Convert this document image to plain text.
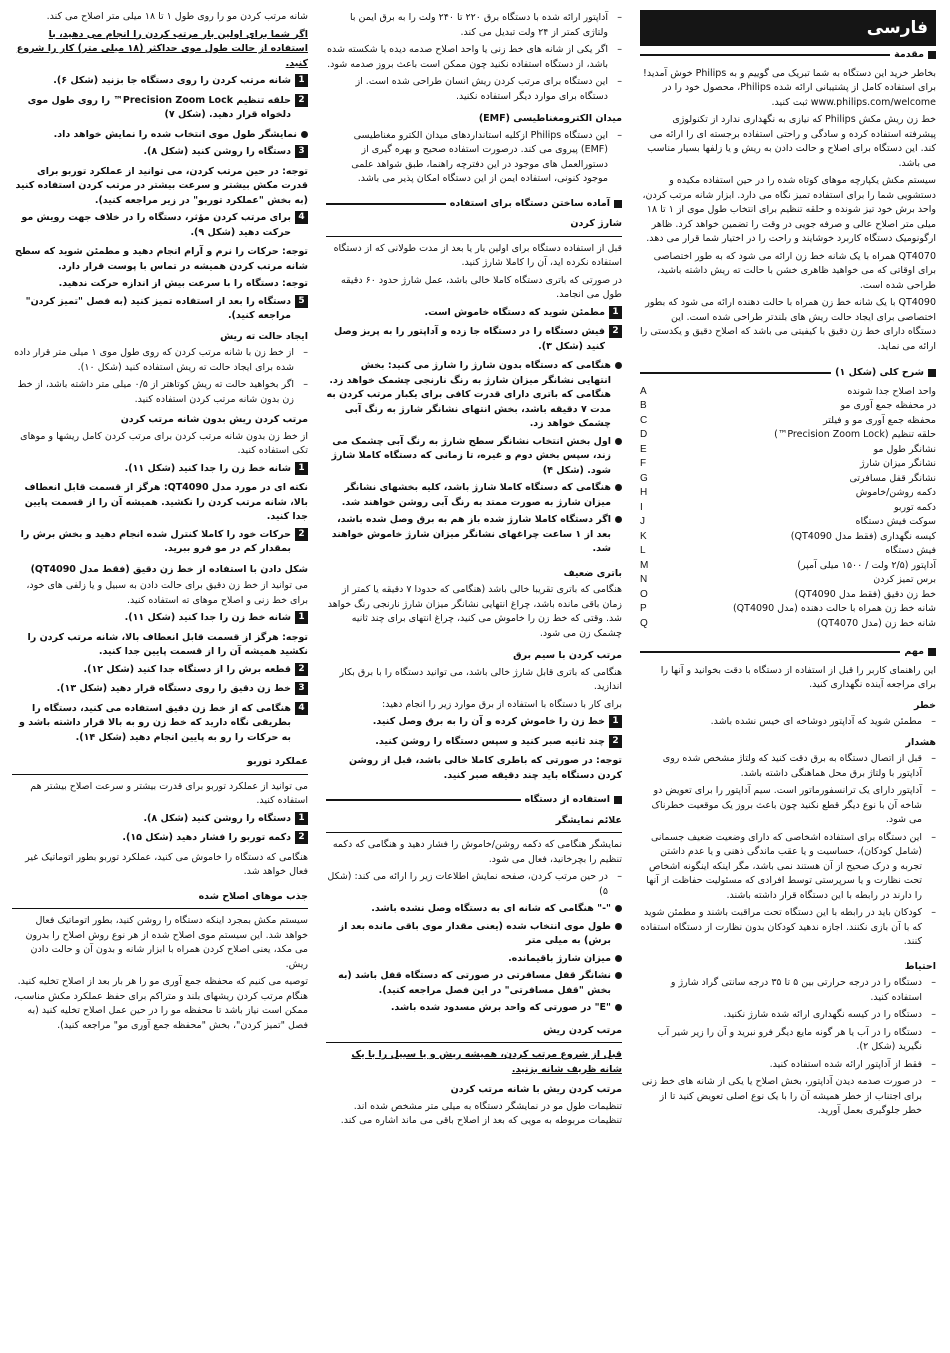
فارسی
مقدمة

بخاطر خرید این دستگاه به شما تبریک می گوییم و به Philips خوش آمدید! برای استفاده کامل از پشتیبانی ارائه شده Philips، محصول خود را در www.philips.com/welcome ثبت کنید.

خط زن ریش مکش Philips که نیازی به نگهداری ندارد از تکنولوژی پیشرفته استفاده کرده و سادگی و راحتی استفاده برجسته ای را ارائه می کند. این دستگاه برای اصلاح و حالت دادن به ریش و یا زلفها بسیار مناسب می باشد.

سیستم مکش یکپارچه موهای کوتاه شده را در حین استفاده مکیده و دستشویی شما را برای استفاده تمیز نگاه می دارد. ابزار شانه مرتب کردن، واحد برش خود تیز شونده و حلقه تنظیم برای انتخاب طول موی از ۱ تا ۱۸ میلی متر اصلاح عالی و صرفه جویی در وقت را تضمین خواهد کرد. ظاهر ارگونومیک دستگاه کاربرد خوشایند و راحت را در اختیار شما قرار می دهد.

QT4070 همراه با یک شانه خط زن ارائه می شود که به طور اختصاصی برای اوقاتی که می خواهید ظاهری خشن با حالت ته ریش داشته باشید، طراحی شده است.

QT4090 با یک شانه خط زن همراه با حالت دهنده ارائه می شود که بطور اختصاصی برای ایجاد حالت ریش های بلندتر طراحی شده است. این دستگاه دارای خط زن دقیق با کیفیتی می باشد که اصلاح دقیق و یکدستی را ارائه می نماید.

شرح کلی (شکل ۱)
واحد اصلاح جدا شونده
A
در محفظه جمع آوری مو
B
محفظه جمع آوری مو و فیلتر
C
حلقه تنظیم (Precision Zoom Lock™)
D
نشانگر طول مو
E
نشانگر میزان شارژ
F
نشانگر قفل مسافرتی
G
دکمه روشن/خاموش
H
دکمه توربو
I
سوکت فیش دستگاه
J
کیسه نگهداری (فقط مدل QT4090)
K
فیش دستگاه
L
آداپتور (۲/۵ ولت / ۱۵۰۰ میلی آمپر)
M
برس تمیز کردن
N
خط زن دقیق (فقط مدل QT4090)
O
شانه خط زن همراه با حالت دهنده (مدل QT4090)
P
شانه خط زن (مدل QT4070)
Q
مهم

این راهنمای کاربر را قبل از استفاده از دستگاه با دقت بخوانید و آنها را برای مراجعه آینده نگهداری کنید.

خطر
–
مطمئن شوید که آداپتور دوشاخه ای خیس نشده باشد.
هشدار
–
قبل از اتصال دستگاه به برق دقت کنید که ولتاژ مشخص شده روی آداپتور با ولتاژ برق محل هماهنگی داشته باشد.
–
آداپتور دارای یک ترانسفورماتور است. سیم آداپتور را برای تعویض دو شاخه آن با نوع دیگر قطع نکنید چون باعث بروز یک موقعیت خطرناک می شود.
–
این دستگاه برای استفاده اشخاصی که دارای وضعیت ضعیف جسمانی (شامل کودکان)، حساسیت و یا عقب ماندگی ذهنی و یا عدم داشتن تجربه و درک صحیح از آن هستند نمی باشد، مگر اینکه اینگونه اشخاص تحت نظارت و یا سرپرستی توسط افرادی که مسئولیت حفاظت از آنها را دارند در رابطه با این دستگاه قرار داشته باشند.
–
کودکان باید در رابطه با این دستگاه تحت مراقبت باشند و مطمئن شوید که با آن بازی نکنند. اجازه ندهید کودکان بدون نظارت از دستگاه استفاده کنند.
احتیاط
–
دستگاه را در درجه حرارتی بین ۵ تا ۳۵ درجه سانتی گراد شارژ و استفاده کنید.
–
دستگاه را در کیسه نگهداری ارائه شده شارژ نکنید.
–
دستگاه را در آب یا هر گونه مایع دیگر فرو نبرید و آن را زیر شیر آب نگیرید (شکل ۲).
–
فقط از آداپتور ارائه شده استفاده کنید.
–
در صورت صدمه دیدن آداپتور، بخش اصلاح یا یکی از شانه های خط زنی برای اجتناب از خطر همیشه آن را با یک نوع اصلی تعویض کنید تا از خطر جلوگیری بعمل آورید.
–
آداپتور ارائه شده با دستگاه برق ۲۲۰ تا ۲۴۰ ولت را به برق ایمن با ولتاژی کمتر از ۲۴ ولت تبدیل می کند.
–
اگر یکی از شانه های خط زنی یا واحد اصلاح صدمه دیده یا شکسته شده باشد، از دستگاه استفاده نکنید چون ممکن است باعث بروز صدمه شود.
–
این دستگاه برای مرتب کردن ریش انسان طراحی شده است. از دستگاه برای موارد دیگر استفاده نکنید.
میدان الکترومغناطیسی (EMF)
–
این دستگاه Philips ازکلیه استانداردهای میدان الکترو مغناطیسی (EMF) پیروی می کند. درصورت استفاده صحیح و بهره گیری از دستورالعمل های موجود در این دفترچه راهنما، طبق شواهد علمی موجود کنونی، استفاده ایمن از این دستگاه امکان پذیر می باشد.
آماده ساختن دستگاه برای استفاده
شارژ کردن

قبل از استفاده دستگاه برای اولین بار یا بعد از مدت طولانی که از دستگاه استفاده نکرده اید، آن را کاملا شارژ کنید.

در صورتی که باتری دستگاه کاملا خالی باشد، عمل شارژ حدود ۶۰ دقیقه طول می انجامد.

1
مطمئن شوید که دستگاه خاموش است.
2
فیش دستگاه را در دستگاه جا زده و آداپتور را به پریز وصل کنید (شکل ۳).
هنگامی که دستگاه بدون شارژ را شارژ می کنید: بخش انتهایی نشانگر میزان شارژ به رنگ نارنجی چشمک خواهد زد. هنگامی که باتری دارای قدرت کافی برای یکبار مرتب کردن به مدت ۷ دقیقه باشد، بخش انتهای نشانگر شارژ به رنگ آبی چشمک خواهد زد.
اول بخش انتخاب نشانگر سطح شارژ به رنگ آبی چشمک می زند، سپس بخش دوم و غیره، تا زمانی که دستگاه کاملا شارژ شود. (شکل ۴)
هنگامی که دستگاه کاملا شارژ باشد، کلیه بخشهای نشانگر میزان شارژ به صورت ممتد به رنگ آبی روشن خواهند شد.
اگر دستگاه کاملا شارژ شده باز هم به برق وصل شده باشد، بعد از ۱ ساعت چراغهای نشانگر میزان شارژ خاموش خواهند شد.
باتری ضعیف

هنگامی که باتری تقریبا خالی باشد (هنگامی که حدودا ۷ دقیقه یا کمتر از زمان باقی مانده باشد، چراغ انتهایی نشانگر میزان شارژ نارنجی رنگ خواهد شد. وقتی که خط زن را خاموش می کنید، چراغ انتهای برای چند ثانیه چشمک زن می شود.

مرتب کردن با سیم برق

هنگامی که باتری قابل شارژ خالی باشد، می توانید دستگاه را با برق بکار اندازید.

برای کار با دستگاه با استفاده از برق موارد زیر را انجام دهید:

1
خط زن را خاموش کرده و آن را به برق وصل کنید.
2
چند ثانیه صبر کنید و سپس دستگاه را روشن کنید.

توجه: در صورتی که باطری کاملا خالی باشد، قبل از روشن کردن دستگاه باید چند دقیقه صبر کنید.

استفاده از دستگاه
علائم نمایشگر

نمایشگر هنگامی که دکمه روشن/خاموش را فشار دهید و هنگامی که دکمه تنظیم را بچرخانید، فعال می شود.

–
در حین مرتب کردن، صفحه نمایش اطلاعات زیر را ارائه می کند: (شکل ۵)
"-" هنگامی که شانه ای به دستگاه وصل نشده باشد.
طول موی انتخاب شده (یعنی مقدار موی باقی مانده بعد از برش) به میلی متر
میزان شارژ باقیمانده.
نشانگر قفل مسافرتی در صورتی که دستگاه قفل باشد (به بخش "قفل مسافرتی" در این فصل مراجعه کنید).
"E" در صورتی که واحد برش مسدود شده باشد.
مرتب کردن ریش

قبل از شروع مرتب کردن، همیشه ریش و یا سبیل را با یک شانه ظریف شانه بزنید.

مرتب کردن ریش با شانه مرتب کردن

تنظیمات طول مو در نمایشگر دستگاه به میلی متر مشخص شده اند. تنظیمات مربوطه به مویی که بعد از اصلاح باقی می ماند اشاره می کند.

شانه مرتب کردن مو را روی طول ۱ تا ۱۸ میلی متر اصلاح می کند.

اگر شما برای اولین بار مرتب کردن را انجام می دهید، با استفاده از حالت طول موی حداکثر (۱۸ میلی متر) کار را شروع کنید.

1
شانه مرتب کردن را روی دستگاه جا بزنید (شکل ۶).
2
حلقه تنظیم Precision Zoom Lock™ را روی طول موی دلخواه قرار دهید. (شکل ۷)
نمایشگر طول موی انتخاب شده را نمایش خواهد داد.
3
دستگاه را روشن کنید (شکل ۸).

توجه: در حین مرتب کردن، می توانید از عملکرد توربو برای قدرت مکش بیشتر و سرعت بیشتر در مرتب کردن استفاده کنید (به بخش "عملکرد توربو" در زیر مراجعه کنید).

4
برای مرتب کردن مؤثر، دستگاه را در خلاف جهت رویش مو حرکت دهید (شکل ۹).

توجه: حرکات را نرم و آرام انجام دهید و مطمئن شوید که سطح شانه مرتب کردن همیشه در تماس با پوست قرار دارد.

توجه: دستگاه را با سرعت بیش از اندازه حرکت ندهید.

5
دستگاه را بعد از استفاده تمیز کنید (به فصل "تمیز کردن" مراجعه کنید).
ایجاد حالت ته ریش
–
از خط زن با شانه مرتب کردن که روی طول موی ۱ میلی متر قرار داده شده برای ایجاد حالت ته ریش استفاده کنید (شکل ۱۰).
–
اگر بخواهید حالت ته ریش کوتاهتر از ۰/۵ میلی متر داشته باشد، از خط زن بدون شانه مرتب کردن استفاده کنید.
مرتب کردن ریش بدون شانه مرتب کردن

از خط زن بدون شانه مرتب کردن برای مرتب کردن کامل ریشها و موهای تکی استفاده کنید.

1
شانه خط زن را جدا کنید (شکل ۱۱).

نکته ای در مورد مدل QT4090: هرگز از قسمت قابل انعطاف بالا، شانه مرتب کردن را نکشید. همیشه آن را از قسمت پایین جدا کنید.

2
حرکات خود را کاملا کنترل شده انجام دهید و بخش برش را بمقدار کم در مو فرو ببرید.
شکل دادن با استفاده از خط زن دقیق (فقط مدل QT4090)

می توانید از خط زن دقیق برای حالت دادن به سبیل و یا زلفی های خود، برای خط زنی و اصلاح موهای ته استفاده کنید.

1
شانه خط زن را جدا کنید (شکل ۱۱).

توجه: هرگز از قسمت قابل انعطاف بالا، شانه مرتب کردن را نکشید همیشه آن را از قسمت پایین جدا کنید.

2
قطعه برش را از دستگاه جدا کنید (شکل ۱۲).
3
خط زن دقیق را روی دستگاه قرار دهید (شکل ۱۳).
4
هنگامی که از خط زن دقیق استفاده می کنید، دستگاه را بطریقی نگاه دارید که خط زن رو به بالا قرار داشته باشد و به حرکات را رو به پایین انجام دهید (شکل ۱۴).
عملکرد توربو

می توانید از عملکرد توربو برای قدرت بیشتر و سرعت اصلاح بیشتر هم استفاده کنید.

1
دستگاه را روشن کنید (شکل ۸).
2
دکمه توربو را فشار دهید (شکل ۱۵).

هنگامی که دستگاه را خاموش می کنید، عملکرد توربو بطور اتوماتیک غیر فعال خواهد شد.

جذب موهای اصلاح شده

سیستم مکش بمجرد اینکه دستگاه را روشن کنید، بطور اتوماتیک فعال خواهد شد. این سیستم موی اصلاح شده از هر نوع روش اصلاح را بدرون می مکد، یعنی اصلاح کردن همراه با ابزار شانه و بدون آن و حالت دادن ریش.

توصیه می کنیم که محفظه جمع آوری مو را هر بار بعد از اصلاح تخلیه کنید. هنگام مرتب کردن ریشهای بلند و متراکم برای حفظ عملکرد مکش مناسب، ممکن است نیاز باشد تا محفظه مو را در حین عمل اصلاح تخلیه کنید (به فصل "تمیز کردن"، بخش "محفظه جمع آوری مو" مراجعه کنید).
